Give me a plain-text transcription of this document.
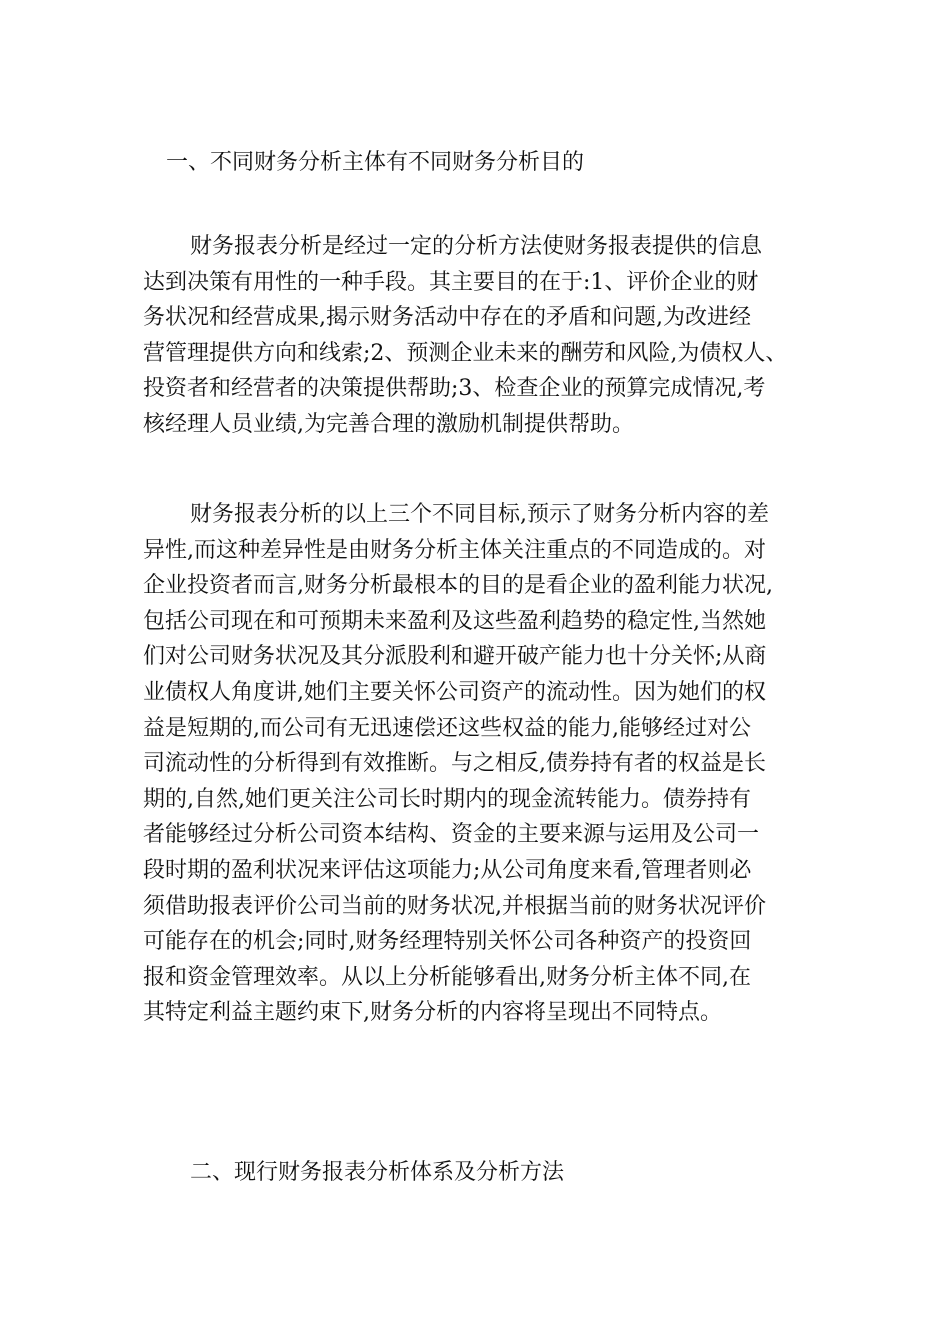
一、不同财务分析主体有不同财务分析目的
财务报表分析是经过一定的分析方法使财务报表提供的信息
达到决策有用性的一种手段。其主要目的在于:1、评价企业的财
务状况和经营成果,揭示财务活动中存在的矛盾和问题,为改进经
营管理提供方向和线索;2、预测企业未来的酬劳和风险,为债权人、
投资者和经营者的决策提供帮助;3、检查企业的预算完成情况,考
核经理人员业绩,为完善合理的激励机制提供帮助。
财务报表分析的以上三个不同目标,预示了财务分析内容的差
异性,而这种差异性是由财务分析主体关注重点的不同造成的。对
企业投资者而言,财务分析最根本的目的是看企业的盈利能力状况,
包括公司现在和可预期未来盈利及这些盈利趋势的稳定性,当然她
们对公司财务状况及其分派股利和避开破产能力也十分关怀;从商
业债权人角度讲,她们主要关怀公司资产的流动性。因为她们的权
益是短期的,而公司有无迅速偿还这些权益的能力,能够经过对公
司流动性的分析得到有效推断。与之相反,债券持有者的权益是长
期的,自然,她们更关注公司长时期内的现金流转能力。债券持有
者能够经过分析公司资本结构、资金的主要来源与运用及公司一
段时期的盈利状况来评估这项能力;从公司角度来看,管理者则必
须借助报表评价公司当前的财务状况,并根据当前的财务状况评价
可能存在的机会;同时,财务经理特别关怀公司各种资产的投资回
报和资金管理效率。从以上分析能够看出,财务分析主体不同,在
其特定利益主题约束下,财务分析的内容将呈现出不同特点。
二、现行财务报表分析体系及分析方法
